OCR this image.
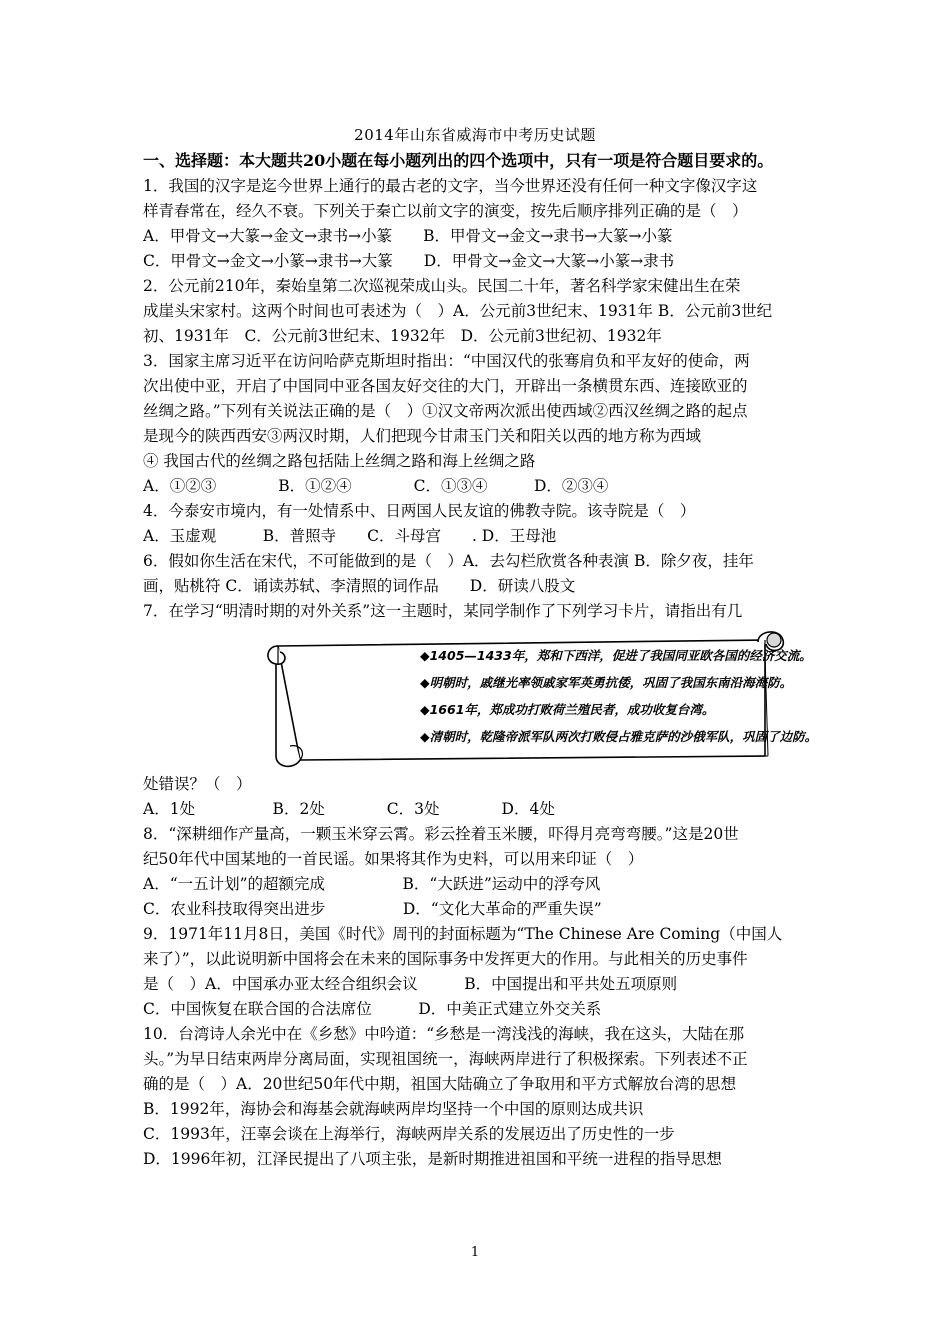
2014年山东省威海市中考历史试题
一、选择题：本大题共20小题在每小题列出的四个选项中，只有一项是符合题目要求的。
1．我国的汉字是迄今世界上通行的最古老的文字，当今世界还没有任何一种文字像汉字这
样青春常在，经久不衰。下列关于秦亡以前文字的演变，按先后顺序排列正确的是（　）
A．甲骨文→大篆→金文→隶书→小篆　　B．甲骨文→金文→隶书→大篆→小篆
C．甲骨文→金文→小篆→隶书→大篆　　D．甲骨文→金文→大篆→小篆→隶书
2．公元前210年，秦始皇第二次巡视荣成山头。民国二十年，著名科学家宋健出生在荣
成崖头宋家村。这两个时间也可表述为（　）A．公元前3世纪末、1931年 B．公元前3世纪
初、1931年　C．公元前3世纪末、1932年　D．公元前3世纪初、1932年
3．国家主席习近平在访问哈萨克斯坦时指出：“中国汉代的张骞肩负和平友好的使命，两
次出使中亚，开启了中国同中亚各国友好交往的大门，开辟出一条横贯东西、连接欧亚的
丝绸之路。”下列有关说法正确的是（　）①汉文帝两次派出使西域②西汉丝绸之路的起点
是现今的陕西西安③两汉时期，人们把现今甘肃玉门关和阳关以西的地方称为西域
④ 我国古代的丝绸之路包括陆上丝绸之路和海上丝绸之路
A．①②③　　　　B．①②④　　　　C．①③④　　　D．②③④
4．今泰安市境内，有一处情系中、日两国人民友谊的佛教寺院。该寺院是（　）
A．玉虚观　　　B．普照寺　　C．斗母宫　　. D．王母池
6．假如你生活在宋代，不可能做到的是（　）A．去勾栏欣赏各种表演 B．除夕夜，挂年
画，贴桃符 C．诵读苏轼、李清照的词作品　　D．研读八股文
7．在学习“明清时期的对外关系”这一主题时，某同学制作了下列学习卡片，请指出有几
◆1405—1433年，郑和下西洋，促进了我国同亚欧各国的经济交流。
◆明朝时，戚继光率领戚家军英勇抗倭，巩固了我国东南沿海海防。
◆1661年，郑成功打败荷兰殖民者，成功收复台湾。
◆清朝时，乾隆帝派军队两次打败侵占雅克萨的沙俄军队，巩固了边防。
处错误？（　）
A．1处　　　　　B．2处　　　　C．3处　　　　D．4处
8．“深耕细作产量高，一颗玉米穿云霄。彩云拴着玉米腰，吓得月亮弯弯腰。”这是20世
纪50年代中国某地的一首民谣。如果将其作为史料，可以用来印证（　）
A．“一五计划”的超额完成　　　　　B．“大跃进”运动中的浮夸风
C．农业科技取得突出进步　　　　　D．“文化大革命的严重失误”
9．1971年11月8日，美国《时代》周刊的封面标题为“The Chinese Are Coming（中国人
来了）”，以此说明新中国将会在未来的国际事务中发挥更大的作用。与此相关的历史事件
是（　）A．中国承办亚太经合组织会议　　　B．中国提出和平共处五项原则
C．中国恢复在联合国的合法席位　　　D．中美正式建立外交关系
10．台湾诗人余光中在《乡愁》中吟道：“乡愁是一湾浅浅的海峡，我在这头，大陆在那
头。”为早日结束两岸分离局面，实现祖国统一，海峡两岸进行了积极探索。下列表述不正
确的是（　）A．20世纪50年代中期，祖国大陆确立了争取用和平方式解放台湾的思想
B．1992年，海协会和海基会就海峡两岸均坚持一个中国的原则达成共识
C．1993年，汪辜会谈在上海举行，海峡两岸关系的发展迈出了历史性的一步
D．1996年初，江泽民提出了八项主张，是新时期推进祖国和平统一进程的指导思想
1
